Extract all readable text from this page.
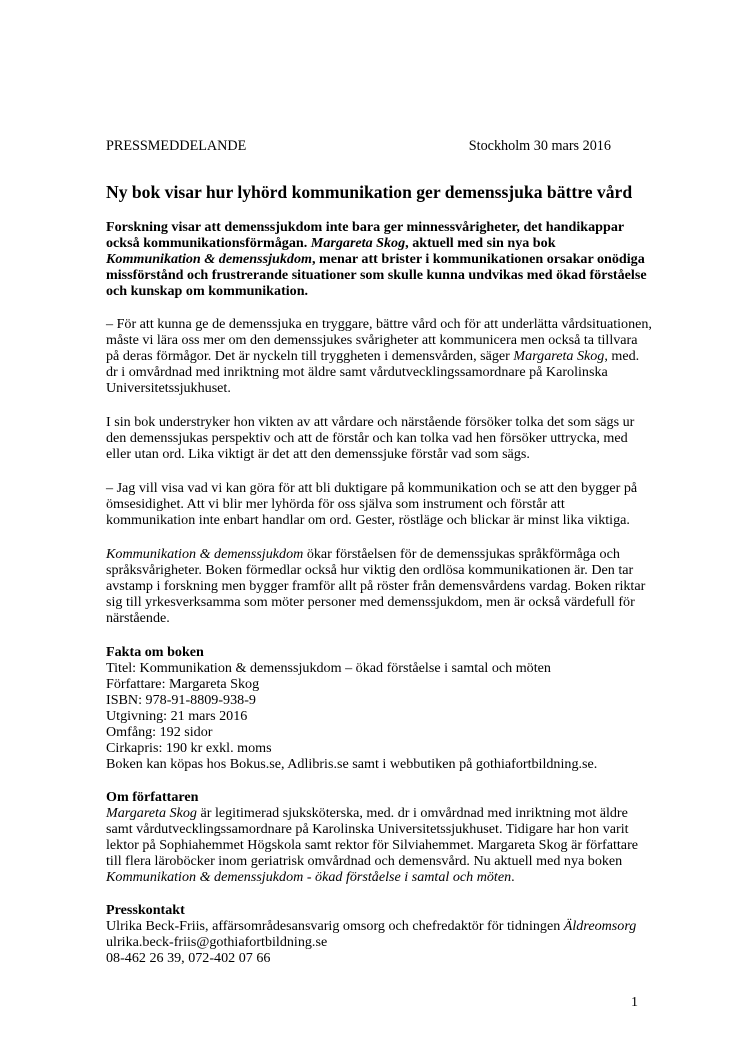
PRESSMEDDELANDE	Stockholm 30 mars 2016
Ny bok visar hur lyhörd kommunikation ger demenssjuka bättre vård

Forskning visar att demenssjukdom inte bara ger minnessvårigheter, det handikappar
också kommunikationsförmågan. Margareta Skog, aktuell med sin nya bok
Kommunikation & demenssjukdom, menar att brister i kommunikationen orsakar onödiga
missförstånd och frustrerande situationer som skulle kunna undvikas med ökad förståelse
och kunskap om kommunikation.

– För att kunna ge de demenssjuka en tryggare, bättre vård och för att underlätta vårdsituationen,
måste vi lära oss mer om den demenssjukes svårigheter att kommunicera men också ta tillvara
på deras förmågor. Det är nyckeln till tryggheten i demensvården, säger Margareta Skog, med.
dr i omvårdnad med inriktning mot äldre samt vårdutvecklingssamordnare på Karolinska
Universitetssjukhuset.

I sin bok understryker hon vikten av att vårdare och närstående försöker tolka det som sägs ur
den demenssjukas perspektiv och att de förstår och kan tolka vad hen försöker uttrycka, med
eller utan ord. Lika viktigt är det att den demenssjuke förstår vad som sägs.

– Jag vill visa vad vi kan göra för att bli duktigare på kommunikation och se att den bygger på
ömsesidighet. Att vi blir mer lyhörda för oss själva som instrument och förstår att
kommunikation inte enbart handlar om ord. Gester, röstläge och blickar är minst lika viktiga.

Kommunikation & demenssjukdom ökar förståelsen för de demenssjukas språkförmåga och
språksvårigheter. Boken förmedlar också hur viktig den ordlösa kommunikationen är. Den tar
avstamp i forskning men bygger framför allt på röster från demensvårdens vardag. Boken riktar
sig till yrkesverksamma som möter personer med demenssjukdom, men är också värdefull för
närstående.

Fakta om boken
Titel: Kommunikation & demenssjukdom – ökad förståelse i samtal och möten
Författare: Margareta Skog
ISBN: 978-91-8809-938-9
Utgivning: 21 mars 2016
Omfång: 192 sidor
Cirkapris: 190 kr exkl. moms
Boken kan köpas hos Bokus.se, Adlibris.se samt i webbutiken på gothiafortbildning.se.
Om författaren
Margareta Skog är legitimerad sjuksköterska, med. dr i omvårdnad med inriktning mot äldre
samt vårdutvecklingssamordnare på Karolinska Universitetssjukhuset. Tidigare har hon varit
lektor på Sophiahemmet Högskola samt rektor för Silviahemmet. Margareta Skog är författare
till flera läroböcker inom geriatrisk omvårdnad och demensvård. Nu aktuell med nya boken
Kommunikation & demenssjukdom - ökad förståelse i samtal och möten.
Presskontakt
Ulrika Beck-Friis, affärsområdesansvarig omsorg och chefredaktör för tidningen Äldreomsorg
ulrika.beck-friis@gothiafortbildning.se
08-462 26 39, 072-402 07 66
1
